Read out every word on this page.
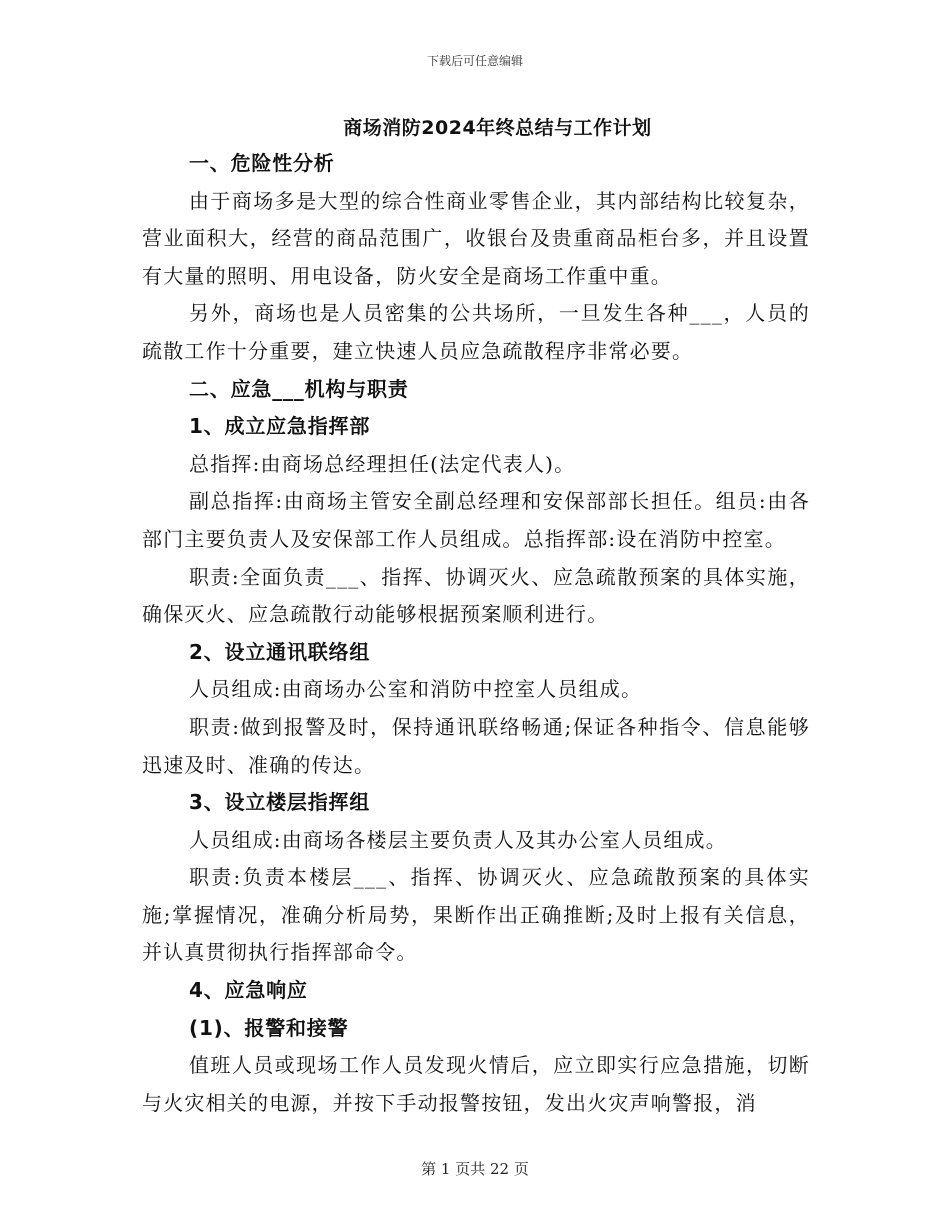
下载后可任意编辑
商场消防2024年终总结与工作计划

一、危险性分析

由于商场多是大型的综合性商业零售企业，其内部结构比较复杂，营业面积大，经营的商品范围广，收银台及贵重商品柜台多，并且设置有大量的照明、用电设备，防火安全是商场工作重中重。

另外，商场也是人员密集的公共场所，一旦发生各种___，人员的疏散工作十分重要，建立快速人员应急疏散程序非常必要。

二、应急___机构与职责

1、成立应急指挥部

总指挥:由商场总经理担任(法定代表人)。

副总指挥:由商场主管安全副总经理和安保部部长担任。组员:由各部门主要负责人及安保部工作人员组成。总指挥部:设在消防中控室。

职责:全面负责___、指挥、协调灭火、应急疏散预案的具体实施，确保灭火、应急疏散行动能够根据预案顺利进行。

2、设立通讯联络组

人员组成:由商场办公室和消防中控室人员组成。

职责:做到报警及时，保持通讯联络畅通;保证各种指令、信息能够迅速及时、准确的传达。

3、设立楼层指挥组

人员组成:由商场各楼层主要负责人及其办公室人员组成。

职责:负责本楼层___、指挥、协调灭火、应急疏散预案的具体实施;掌握情况，准确分析局势，果断作出正确推断;及时上报有关信息，并认真贯彻执行指挥部命令。

4、应急响应

(1)、报警和接警

值班人员或现场工作人员发现火情后，应立即实行应急措施，切断与火灾相关的电源，并按下手动报警按钮，发出火灾声响警报，消

第 1 页共 22 页
